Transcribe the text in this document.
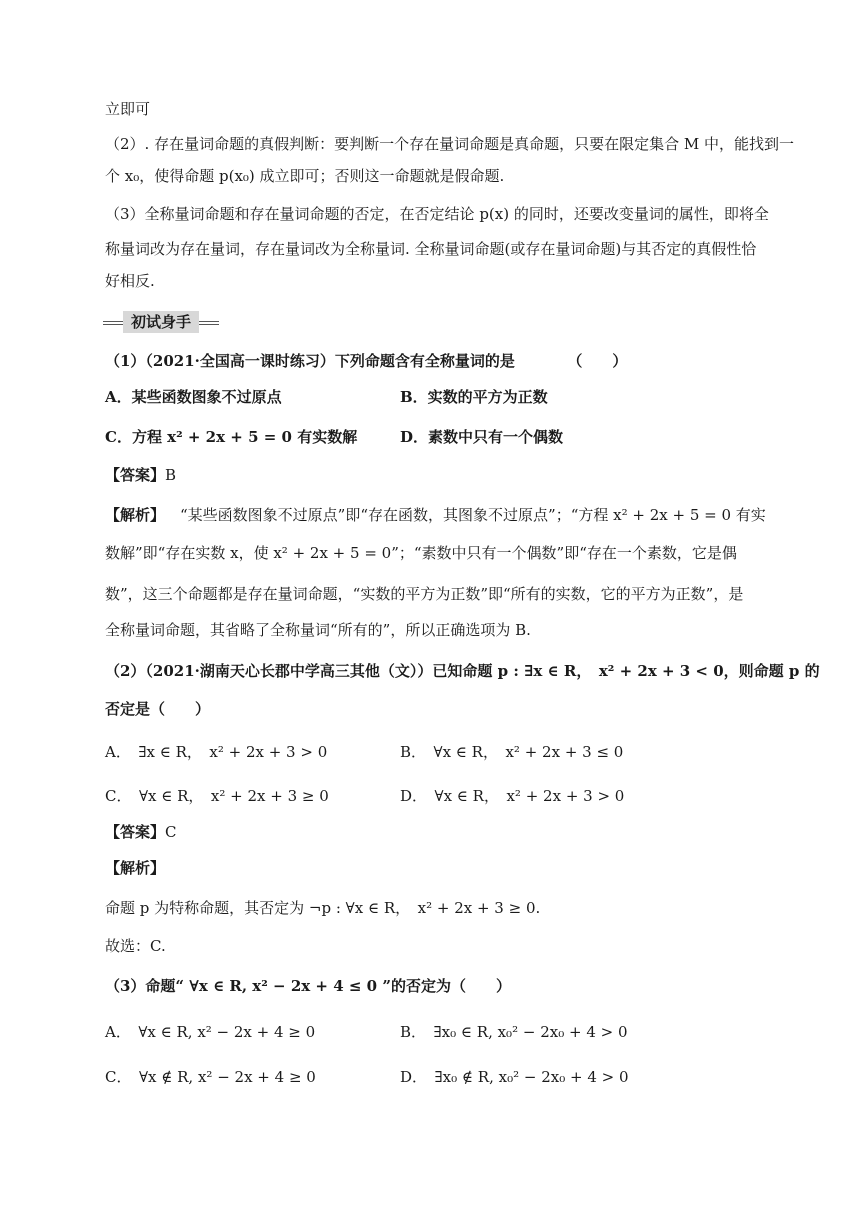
立即可
（2）. 存在量词命题的真假判断：要判断一个存在量词命题是真命题，只要在限定集合 M 中，能找到一
个 x₀，使得命题 p(x₀) 成立即可；否则这一命题就是假命题.
（3）全称量词命题和存在量词命题的否定，在否定结论 p(x) 的同时，还要改变量词的属性，即将全
称量词改为存在量词，存在量词改为全称量词. 全称量词命题(或存在量词命题)与其否定的真假性恰
好相反.
初试身手
（1）（2021·全国高一课时练习）下列命题含有全称量词的是　　　　（　　）
A．某些函数图象不过原点	B．实数的平方为正数
C．方程 x² + 2x + 5 = 0 有实数解	D．素数中只有一个偶数
【答案】B
【解析】  “某些函数图象不过原点”即“存在函数，其图象不过原点”；“方程 x² + 2x + 5 = 0 有实
数解”即“存在实数 x，使 x² + 2x + 5 = 0”；“素数中只有一个偶数”即“存在一个素数，它是偶
数”，这三个命题都是存在量词命题，“实数的平方为正数”即“所有的实数，它的平方为正数”，是
全称量词命题，其省略了全称量词“所有的”，所以正确选项为 B.
（2）（2021·湖南天心长郡中学高三其他（文））已知命题 p : ∃x ∈ R，　x² + 2x + 3 < 0，则命题 p 的
否定是（　　）
A．　∃x ∈ R，　x² + 2x + 3 > 0	B．　∀x ∈ R，　x² + 2x + 3 ≤ 0
C．　∀x ∈ R，　x² + 2x + 3 ≥ 0	D．　∀x ∈ R，　x² + 2x + 3 > 0
【答案】C
【解析】
命题 p 为特称命题，其否定为 ¬p : ∀x ∈ R，　x² + 2x + 3 ≥ 0.
故选：C.
（3）命题“ ∀x ∈ R, x² − 2x + 4 ≤ 0 ”的否定为（　　）
A．　∀x ∈ R, x² − 2x + 4 ≥ 0	B．　∃x₀ ∈ R, x₀² − 2x₀ + 4 > 0
C．　∀x ∉ R, x² − 2x + 4 ≥ 0	D．　∃x₀ ∉ R, x₀² − 2x₀ + 4 > 0
